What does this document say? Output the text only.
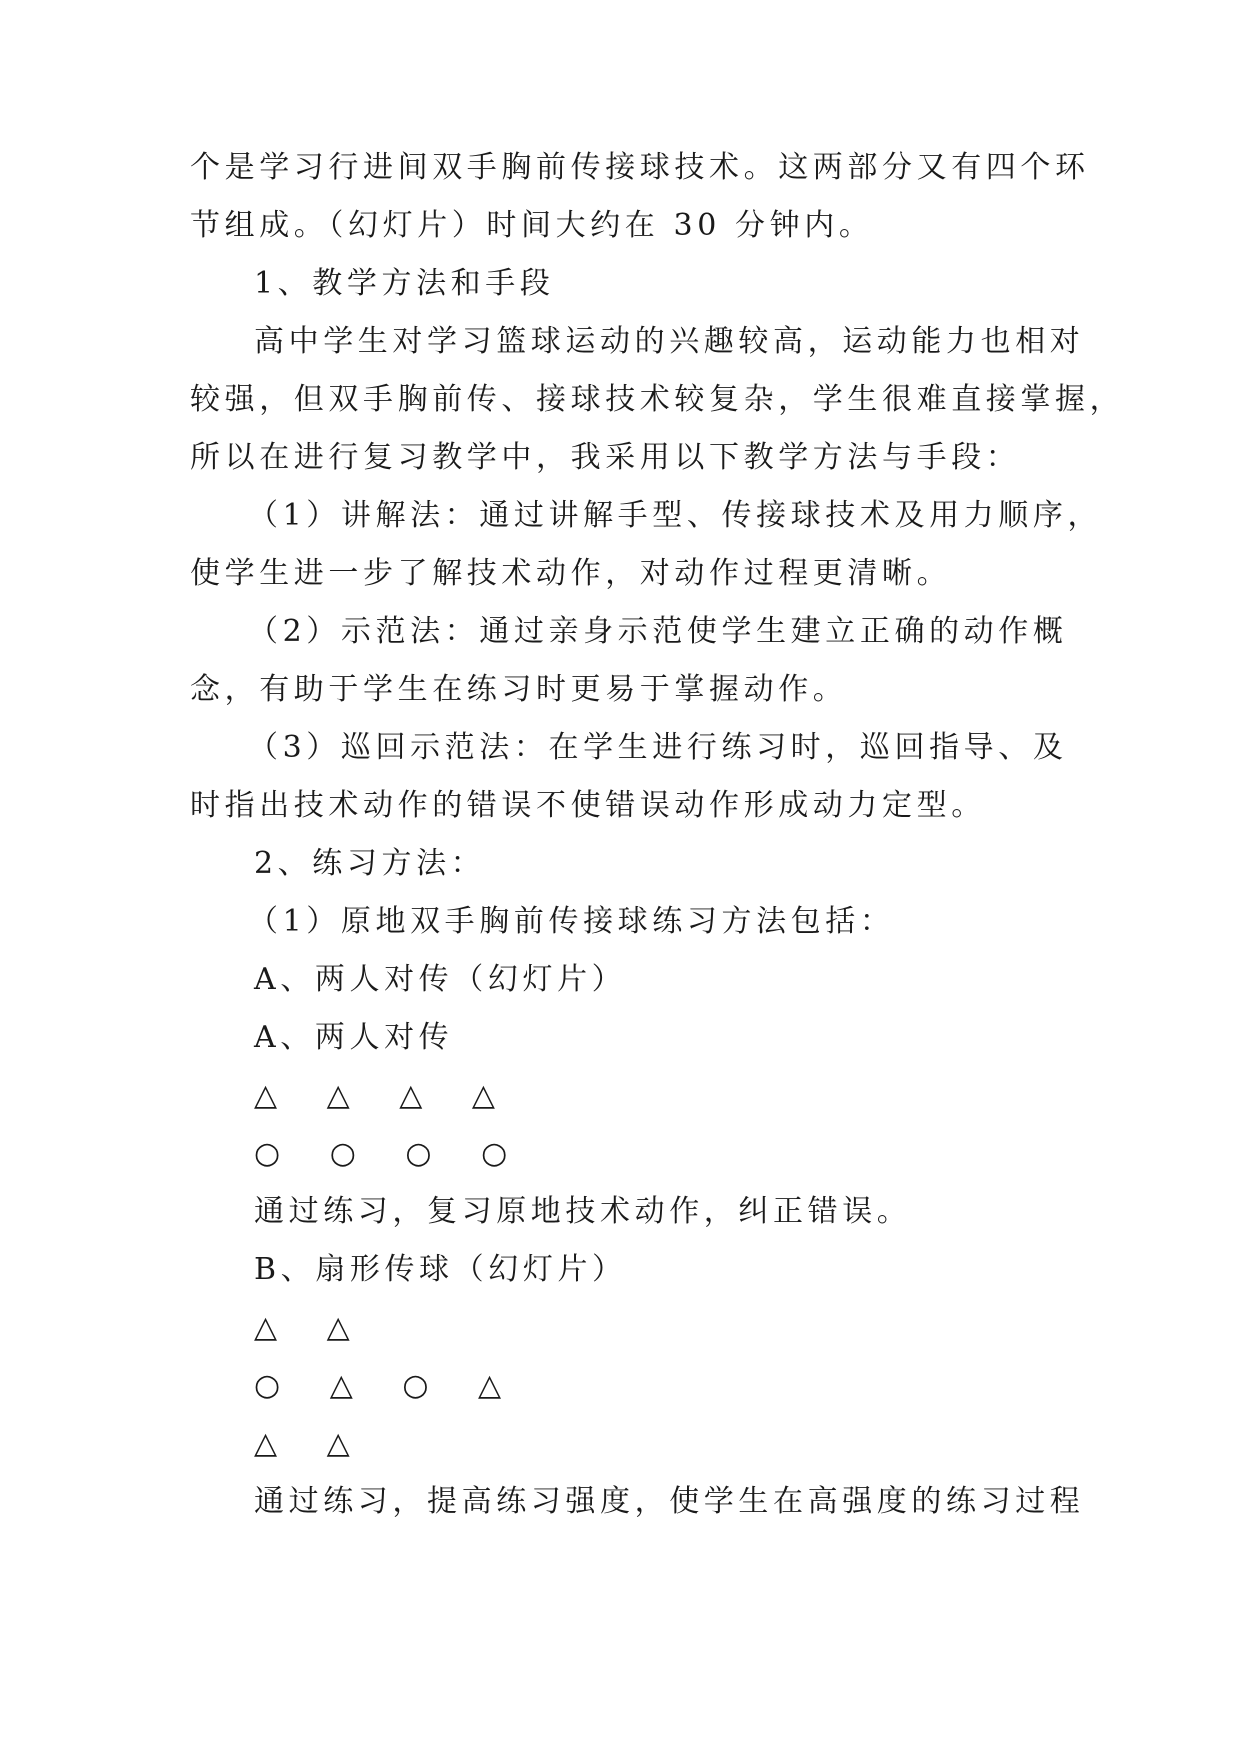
个是学习行进间双手胸前传接球技术。这两部分又有四个环
节组成。（幻灯片）时间大约在 30 分钟内。
1、教学方法和手段
高中学生对学习篮球运动的兴趣较高，运动能力也相对
较强，但双手胸前传、接球技术较复杂，学生很难直接掌握，
所以在进行复习教学中，我采用以下教学方法与手段：
（1）讲解法：通过讲解手型、传接球技术及用力顺序，
使学生进一步了解技术动作，对动作过程更清晰。
（2）示范法：通过亲身示范使学生建立正确的动作概
念，有助于学生在练习时更易于掌握动作。
（3）巡回示范法：在学生进行练习时，巡回指导、及
时指出技术动作的错误不使错误动作形成动力定型。
2、练习方法：
（1）原地双手胸前传接球练习方法包括：
A、两人对传（幻灯片）
A、两人对传
△ △ △ △
○ ○ ○ ○
通过练习，复习原地技术动作，纠正错误。
B、扇形传球（幻灯片）
△ △
○ △ ○ △
△ △
通过练习，提高练习强度，使学生在高强度的练习过程
